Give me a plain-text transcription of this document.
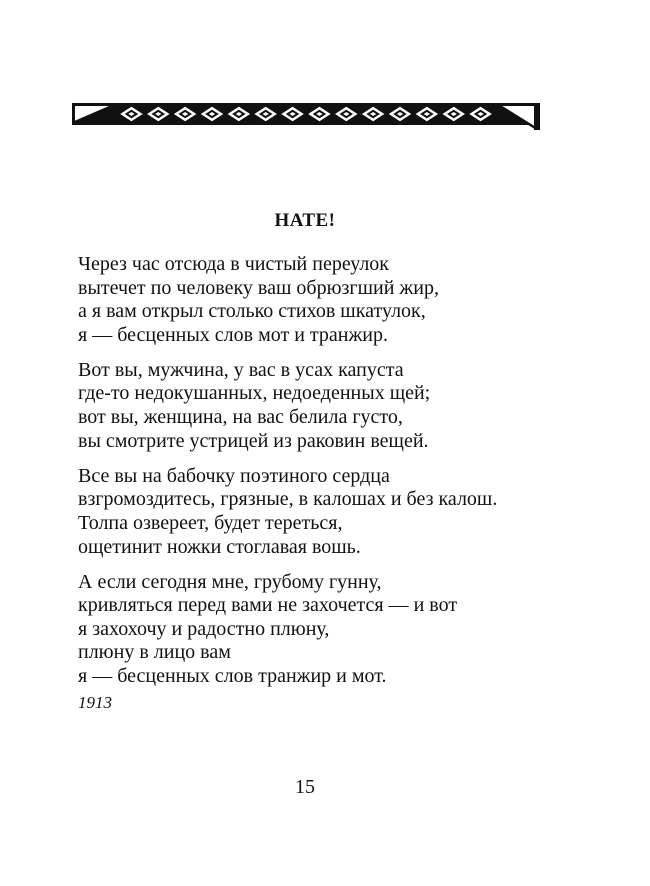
НАТЕ!
Через час отсюда в чистый переулок
вытечет по человеку ваш обрюзгший жир,
а я вам открыл столько стихов шкатулок,
я — бесценных слов мот и транжир.
Вот вы, мужчина, у вас в усах капуста
где-то недокушанных, недоеденных щей;
вот вы, женщина, на вас белила густо,
вы смотрите устрицей из раковин вещей.
Все вы на бабочку поэтиного сердца
взгромоздитесь, грязные, в калошах и без калош.
Толпа озвереет, будет тереться,
ощетинит ножки стоглавая вошь.
А если сегодня мне, грубому гунну,
кривляться перед вами не захочется — и вот
я захохочу и радостно плюну,
плюну в лицо вам
я — бесценных слов транжир и мот.
1913
15
